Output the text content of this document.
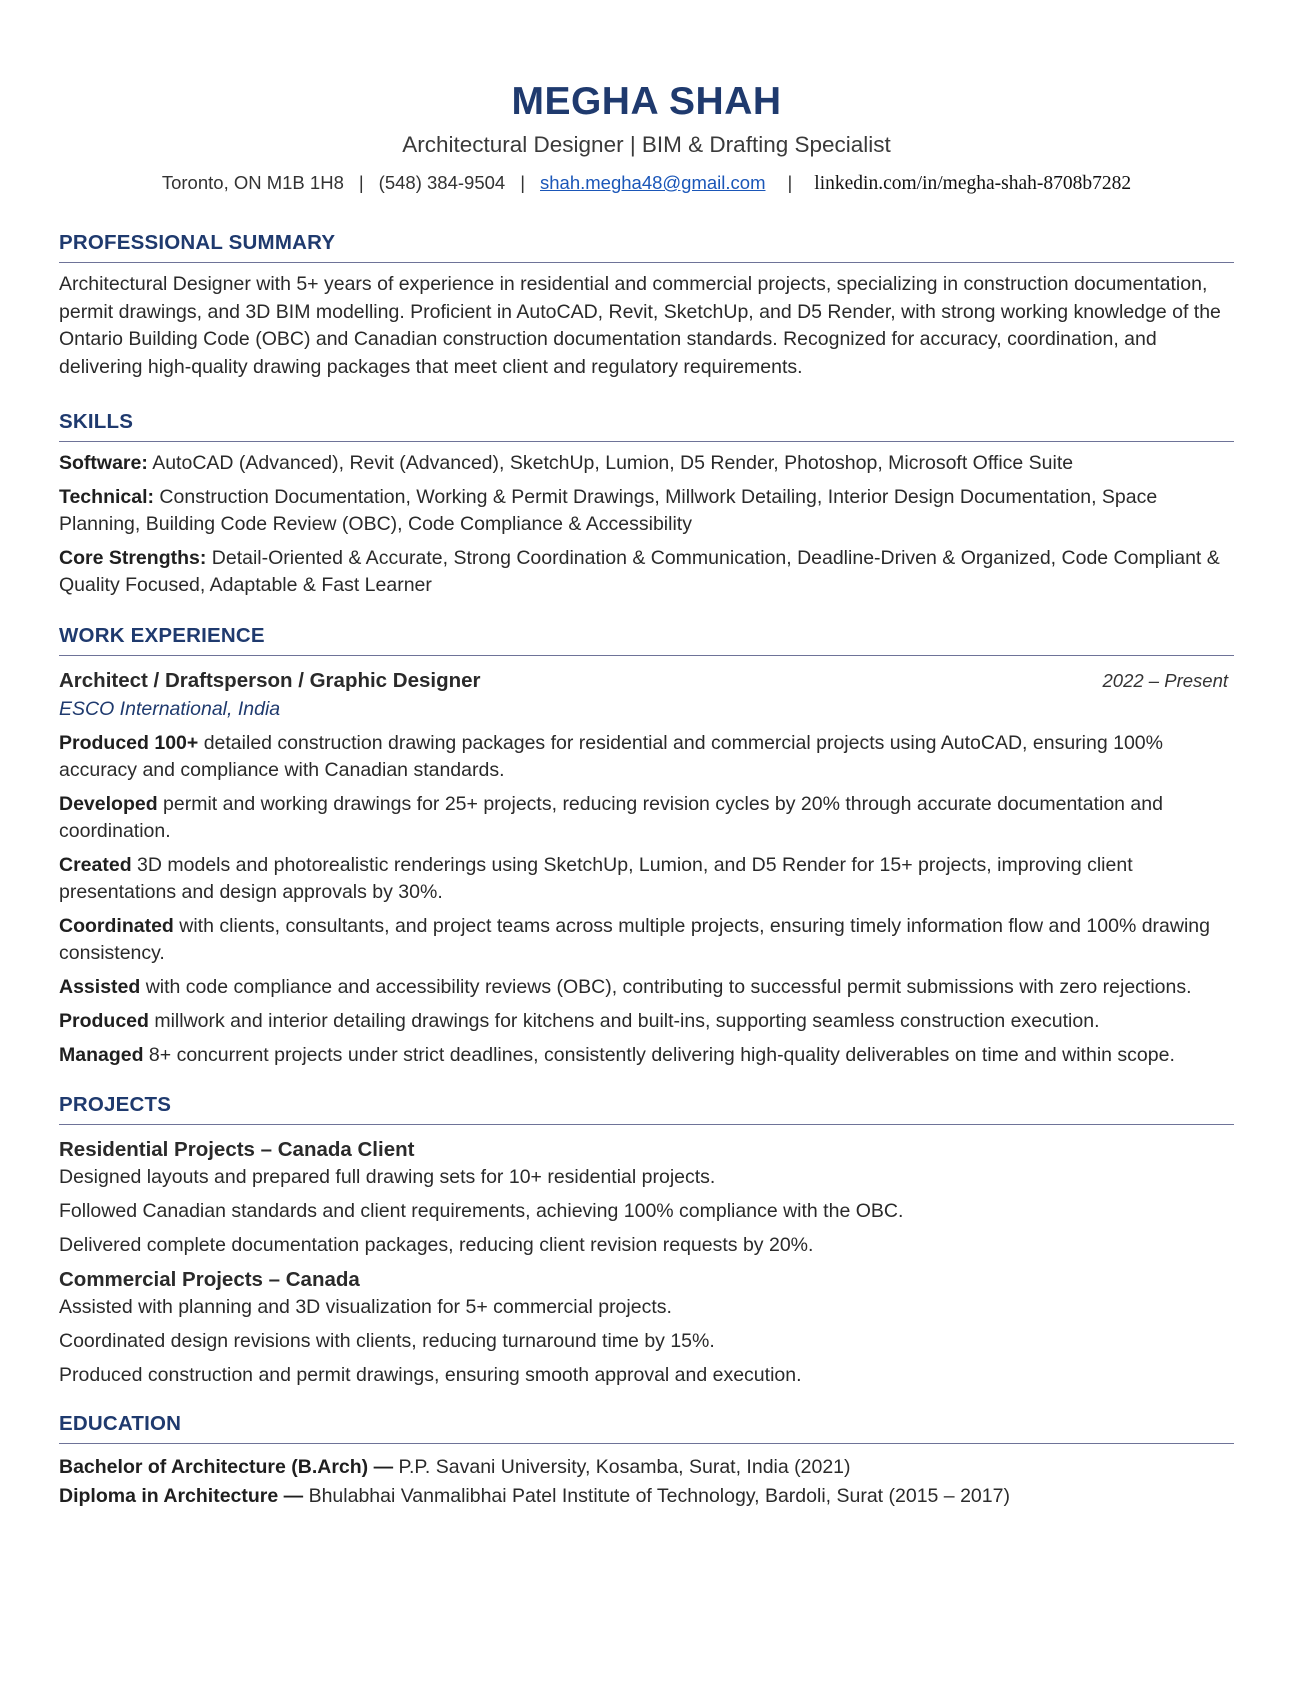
MEGHA SHAH
Architectural Designer | BIM & Drafting Specialist
Toronto, ON M1B 1H8 | (548) 384-9504 | shah.megha48@gmail.com | linkedin.com/in/megha-shah-8708b7282
PROFESSIONAL SUMMARY
Architectural Designer with 5+ years of experience in residential and commercial projects, specializing in construction documentation, permit drawings, and 3D BIM modelling. Proficient in AutoCAD, Revit, SketchUp, and D5 Render, with strong working knowledge of the Ontario Building Code (OBC) and Canadian construction documentation standards. Recognized for accuracy, coordination, and delivering high-quality drawing packages that meet client and regulatory requirements.
SKILLS
Software: AutoCAD (Advanced), Revit (Advanced), SketchUp, Lumion, D5 Render, Photoshop, Microsoft Office Suite
Technical: Construction Documentation, Working & Permit Drawings, Millwork Detailing, Interior Design Documentation, Space Planning, Building Code Review (OBC), Code Compliance & Accessibility
Core Strengths: Detail-Oriented & Accurate, Strong Coordination & Communication, Deadline-Driven & Organized, Code Compliant & Quality Focused, Adaptable & Fast Learner
WORK EXPERIENCE
Architect / Draftsperson / Graphic Designer	2022 – Present
ESCO International, India
Produced 100+ detailed construction drawing packages for residential and commercial projects using AutoCAD, ensuring 100% accuracy and compliance with Canadian standards.
Developed permit and working drawings for 25+ projects, reducing revision cycles by 20% through accurate documentation and coordination.
Created 3D models and photorealistic renderings using SketchUp, Lumion, and D5 Render for 15+ projects, improving client presentations and design approvals by 30%.
Coordinated with clients, consultants, and project teams across multiple projects, ensuring timely information flow and 100% drawing consistency.
Assisted with code compliance and accessibility reviews (OBC), contributing to successful permit submissions with zero rejections.
Produced millwork and interior detailing drawings for kitchens and built-ins, supporting seamless construction execution.
Managed 8+ concurrent projects under strict deadlines, consistently delivering high-quality deliverables on time and within scope.
PROJECTS
Residential Projects – Canada Client
Designed layouts and prepared full drawing sets for 10+ residential projects.
Followed Canadian standards and client requirements, achieving 100% compliance with the OBC.
Delivered complete documentation packages, reducing client revision requests by 20%.
Commercial Projects – Canada
Assisted with planning and 3D visualization for 5+ commercial projects.
Coordinated design revisions with clients, reducing turnaround time by 15%.
Produced construction and permit drawings, ensuring smooth approval and execution.
EDUCATION
Bachelor of Architecture (B.Arch) — P.P. Savani University, Kosamba, Surat, India (2021)
Diploma in Architecture — Bhulabhai Vanmalibhai Patel Institute of Technology, Bardoli, Surat (2015 – 2017)
